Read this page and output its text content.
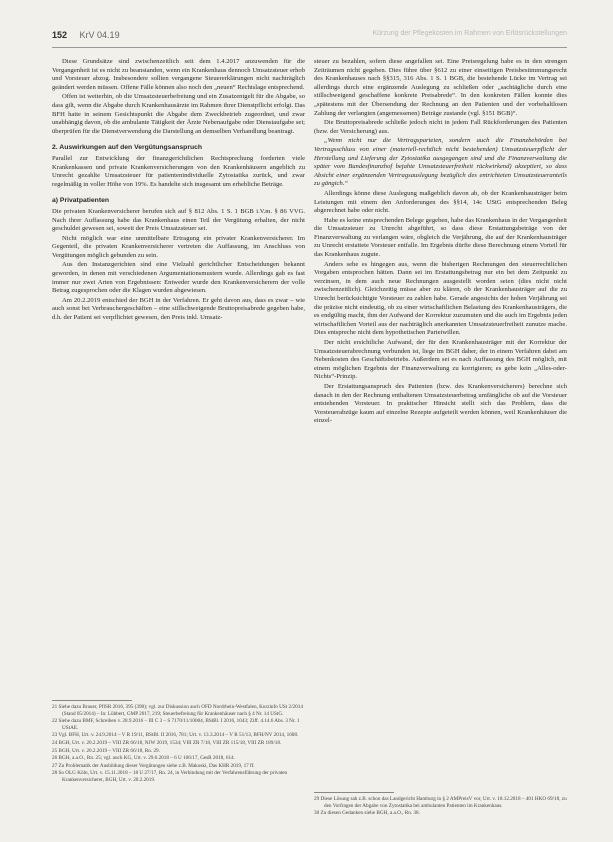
152 KrV 04.19	Kürzung der Pflegekosten im Rahmen von Erlösrückstellungen

Diese Grundsätze sind zwischenzeitlich seit dem 1.4.2017 anzuwenden für die Vergangenheit ist es nicht zu beanstanden, wenn ein Krankenhaus dennoch Umsatzsteuer erhob und Vorsteuer abzog. Insbesondere sollten vergangene Steuererklärungen nicht nachträglich geändert werden müssen. Offene Fälle können also noch den „neuen“ Rechtslage entsprechend.

Offen ist weiterhin, ob die Umsatzsteuerbefreiung und ein Zusatzentgelt für die Abgabe, so dass gilt, wenn die Abgabe durch Krankenhausärzte im Rahmen ihrer Dienstpflicht erfolgt. Das BFH hatte in seinem Gesichtspunkt die Abgabe dem Zweckbetrieb zugeordnet, und zwar unabhängig davon, ob die ambulante Tätigkeit der Ärzte Nebenaufgabe oder Dienstaufgabe sei; überprüfen für die Dienstverwendung die Darstellung an demselben Verhandlung beantragt.

2. Auswirkungen auf den Vergütungsanspruch

Parallel zur Entwicklung der finanzgerichtlichen Rechtsprechung forderten viele Krankenkassen und private Krankenversicherungen von den Krankenhäusern angeblich zu Unrecht gezahlte Umsatzsteuer für patientenindividuelle Zytostatika zurück, und zwar regelmäßig in voller Höhe von 19%. Es handelte sich insgesamt um erhebliche Beträge.

a) Privatpatienten

Die privaten Krankenversicherer berufen sich auf § 812 Abs. 1 S. 1 BGB i.V.m. § 86 VVG. Nach ihrer Auffassung habe das Krankenhaus einen Teil der Vergütung erhalten, der nicht geschuldet gewesen sei, soweit der Preis Umsatzsteuer sei.

Nicht möglich war eine unmittelbare Ertragung ein privater Krankenversicherer. Im Gegenteil, die privaten Krankenversicherer vertreten die Auffassung, im Anschluss von Vergütungen möglich gebunden zu sein.

Aus den Instanzgerichten sind eine Vielzahl gerichtlicher Entscheidungen bekannt geworden, in denen mit verschiedenen Argumentationsmustern wurde. Allerdings gab es fast immer nur zwei Arten von Ergebnissen: Entweder wurde den Krankenversicherern der volle Betrag zugesprochen oder die Klagen wurden abgewiesen.

Am 20.2.2019 entschied der BGH in der Verfahren. Er geht davon aus, dass es zwar – wie auch sonst bei Verbrauchergeschäften – eine stillschweigende Bruttopreisabrede gegeben habe, d.h. der Patient sei verpflichtet gewesen, den Preis inkl. Umsatz-

steuer zu bezahlen, sofern diese angefallen sei. Eine Preisregelung habe es in den strengen Zeiträumen nicht gegeben. Dies führe über §612 zu einer einseitigen Preisbestimmungsrecht des Krankenhauses nach §§315, 316 Abs. 1 S. 1 BGB, die bestehende Lücke im Vertrag sei allerdings durch eine ergänzende Auslegung zu schließen oder „sachtägliche durch eine stillschweigend geschaffene konkrete Preisabrede“. In den konkreten Fällen konnte dies „spätestens mit der Übersendung der Rechnung an den Patienten und der vorbehaltlosen Zahlung der verlangten (angemessenen) Beträge zustande (vgl. §151 BGB)“.

Die Bruttopreisabrede schließe jedoch nicht in jedem Fall Rückforderungen des Patienten (bzw. der Versicherung) aus.

„Wenn nicht nur die Vertragsparteien, sondern auch die Finanzbehörden bei Vertragsschluss von einer (materiell-rechtlich nicht bestehenden) Umsatzsteuerpflicht der Herstellung und Lieferung der Zytostatika ausgegangen sind und die Finanzverwaltung die später vom Bundesfinanzhof bejahte Umsatzsteuerfreiheit rückwirkend) akzeptiert, so dass Absicht einer ergänzenden Vertragsauslegung bezüglich des entrichteten Umsatzsteueranteils zu gängich.“

Allerdings könne diese Auslegung maßgeblich davon ab, ob der Krankenhausträger beim Leistungen mit einem den Anforderungen des §§14, 14c UStG entsprechenden Beleg abgerechnet habe oder nicht.

Habe es keine entsprechenden Belege gegeben, habe das Krankenhaus in der Vergangenheit die Umsatzsteuer zu Unrecht abgeführt, so dass diese Erstattungsbeträge von der Finanzverwaltung zu verlangen wäre, obgleich die Verjährung, die auf der Krankenhausträger zu Unrecht erstattete Vorsteuer entfalle. Im Ergebnis dürfte diese Berechnung einem Vorteil für das Krankenhaus zugute.

Anders sehe es hingegen aus, wenn die bisherigen Rechnungen den steuerrechtlichen Vorgaben entsprochen hätten. Dann sei im Erstattungsbetrag nur ein bei dem Zeitpunkt zu verzinsen, in dem auch neue Rechnungen ausgestellt worden seien (dies nicht nicht zwischenzeitlich). Gleichzeitig müsse aber zu klären, ob der Krankenhausträger auf die zu Unrecht berücksichtigte Vorsteuer zu zahlen habe. Gerade angesichts der hohen Verjährung sei die präzise nicht eindeutig, ob zu einer wirtschaftlichen Belastung des Krankenhausträgers, die es endgültig macht, ihm der Aufwand der Korrektur zuzumuten und die auch im Ergebnis jeden wirtschaftlichen Vorteil aus der nachträglich anerkannten Umsatzsteuerfreiheit zunutze mache. Dies entspreche nicht dem hypothetischen Parteiwillen.

Der nicht ersichtliche Aufwand, der für den Krankenhausträger mit der Korrektur der Umsatzsteuerabrechnung verbunden ist, liege im BGH daher, der in einem Verfahren dabei am Nebenkosten des Geschäftsbetriebs. Außerdem sei es nach Auffassung des BGH möglich, mit einem möglichen Ergebnis der Finanzverwaltung zu korrigieren; es gebe kein „Alles-oder-Nichts“-Prinzip.

Der Erstattungsanspruch des Patienten (bzw. des Krankenversicherers) berechne sich danach in den der Rechnung enthaltenen Umsatzsteuerbetrag umfängliche ob auf die Vorsteuer entstehenden Vorsteuer. In praktischer Hinsicht stellt sich das Problem, dass die Vorsteuerabzüge kaum auf einzelne Rezepte aufgeteilt werden können, weil Krankenhäuser die einzel-

21 Siehe dazu Brauer, PflSR 2016, 395 (398); vgl. zur Diskussion auch OFD Nordrhein-Westfalen, Kurzinfo USt 2/2014 (Stand 05/2014) – In: Lübbert, GMP 2017, 219; Steuerbefreiung für Krankenhäuser nach § 4 Nr. 14 UStG.
22 Siehe dazu BMF, Schreiben v. 28.9.2016 – III C 3 – S 7170/11/10004, BStBl. I 2016, 1043; Ziff. 4.14.6 Abs. 3 Nr. 1 UStAE.
23 Vgl. BFH, Urt. v. 24.9.2014 – V R 19/11, BStBl. II 2016, 781; Urt. v. 13.3.2014 – V R 51/13, BFH/NV 2014, 1608.
24 BGH, Urt. v. 20.2.2019 – VIII ZR 66/18, NJW 2019, 1534; VIII ZR 7/18, VIII ZR 115/18, VIII ZR 189/18.
25 BGH, Urt. v. 20.2.2019 – VIII ZR 66/18, Rn. 29.
26 BGH, a.a.O., Rn. 25; vgl. auch KG, Urt. v. 29.6.2018 – 6 U 106/17, GesR 2018, 614.
27 Zu Problematik der Ausbildung dieser Vergütungen siehe z.B. Makoski, Das KHR 2019, 17 ff.
28 So OLG Köln, Urt. v. 15.11.2018 – 18 U 27/17, Rn. 24, in Verbindung mit der Verfahrensführung der privaten Krankenversicherer, BGH, Urt. v. 20.2.2019.
29 Diese Lösung sah z.B. schon das Landgericht Hamburg in § 2 AMPreisV vor, Urt. v. 18.12.2018 – 401 HKO 69/18, zu den Vorfragen der Abgabe von Zytostatika bei ambulanten Patienten im Krankenhaus.
30 Zu diesen Gedanken siehe BGH, a.a.O., Rn. 38.
